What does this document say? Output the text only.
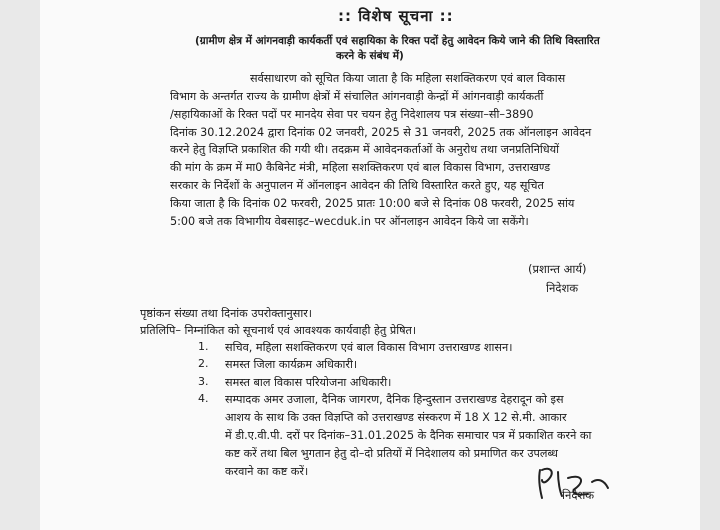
:: विशेष सूचना ::
(ग्रामीण क्षेत्र में आंगनवाड़ी कार्यकर्ती एवं सहायिका के रिक्त पदों हेतु आवेदन किये जाने की तिथि विस्तारित
करने के संबंध में)
सर्वसाधारण को सूचित किया जाता है कि महिला सशक्तिकरण एवं बाल विकास
विभाग के अन्तर्गत राज्य के ग्रामीण क्षेत्रों में संचालित आंगनवाड़ी केन्द्रों में आंगनवाड़ी कार्यकर्ती
/सहायिकाओं के रिक्त पदों पर मानदेय सेवा पर चयन हेतु निदेशालय पत्र संख्या–सी–3890
दिनांक 30.12.2024 द्वारा दिनांक 02 जनवरी, 2025 से 31 जनवरी, 2025 तक ऑनलाइन आवेदन
करने हेतु विज्ञप्ति प्रकाशित की गयी थी। तदक्रम में आवेदनकर्ताओं के अनुरोध तथा जनप्रतिनिधियों
की मांग के क्रम में मा0 कैबिनेट मंत्री, महिला सशक्तिकरण एवं बाल विकास विभाग, उत्तराखण्ड
सरकार के निर्देशों के अनुपालन में ऑनलाइन आवेदन की तिथि विस्तारित करते हुए, यह सूचित
किया जाता है कि दिनांक 02 फरवरी, 2025 प्रातः 10:00 बजे से दिनांक 08 फरवरी, 2025 सांय
5:00 बजे तक विभागीय वेबसाइट–wecduk.in पर ऑनलाइन आवेदन किये जा सकेंगे।
(प्रशान्त आर्य)
निदेशक
पृष्ठांकन संख्या तथा दिनांक उपरोक्तानुसार।
प्रतिलिपि– निम्नांकित को सूचनार्थ एवं आवश्यक कार्यवाही हेतु प्रेषित।
1. सचिव, महिला सशक्तिकरण एवं बाल विकास विभाग उत्तराखण्ड शासन।
2. समस्त जिला कार्यक्रम अधिकारी।
3. समस्त बाल विकास परियोजना अधिकारी।
4. सम्पादक अमर उजाला, दैनिक जागरण, दैनिक हिन्दुस्तान उत्तराखण्ड देहरादून को इस
आशय के साथ कि उक्त विज्ञप्ति को उत्तराखण्ड संस्करण में 18 X 12 से.मी. आकार
में डी.ए.वी.पी. दरों पर दिनांक–31.01.2025 के दैनिक समाचार पत्र में प्रकाशित करने का
कष्ट करें तथा बिल भुगतान हेतु दो–दो प्रतियों में निदेशालय को प्रमाणित कर उपलब्ध
करवाने का कष्ट करें।
निदेशक
